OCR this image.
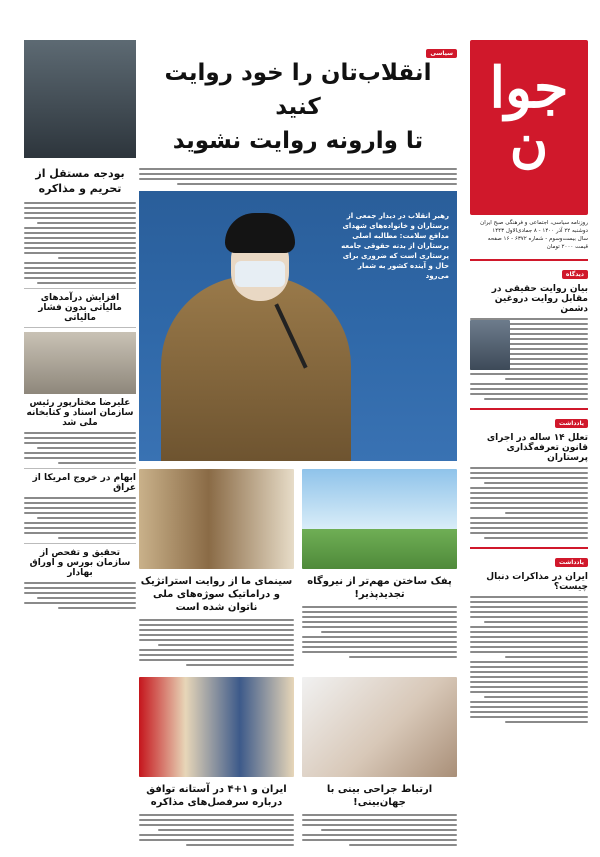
جوا
ن
روزنامه سیاسی، اجتماعی و فرهنگی صبح ایران
دوشنبه ۲۲ آذر ۱۴۰۰ - ۸ جمادی‌الاول ۱۴۴۳
سال بیست‌وسوم - شماره ۶۳۷۲ - ۱۶ صفحه
قیمت ۲۰۰۰ تومان
دیدگاه
بیان روایت حقیقی در مقابل روایت دروغین دشمن
یادداشت
تعلل ۱۴ ساله در اجرای قانون تعرفه‌گذاری پرستاران
یادداشت
ایران در مذاکرات دنبال چیست؟
سیاسی
انقلاب‌تان را خود روایت کنید
تا وارونه روایت نشوید
رهبر انقلاب در دیدار جمعی از پرستاران و خانواده‌های شهدای مدافع سلامت: مطالبه اصلی پرستاران از بدنه حقوقی جامعه پرستاری است که ضروری برای حال و آینده کشور به شمار می‌رود
پفک ساختن مهم‌تر از نیروگاه تجدیدپذیر!
سینمای ما از روایت استراتژیک و دراماتیک سوژه‌های ملی ناتوان شده است
ارتباط جراحی بینی با جهان‌بینی!
ایران و ۱+۴ در آستانه توافق درباره سرفصل‌های مذاکره
بودجه مستقل از تحریم و مذاکره
افزایش درآمدهای مالیاتی بدون فشار مالیاتی
علیرضا مختارپور رئیس سازمان اسناد و کتابخانه ملی شد
ابهام در خروج امریکا از عراق
تحقیق و تفحص از سازمان بورس و اوراق بهادار
